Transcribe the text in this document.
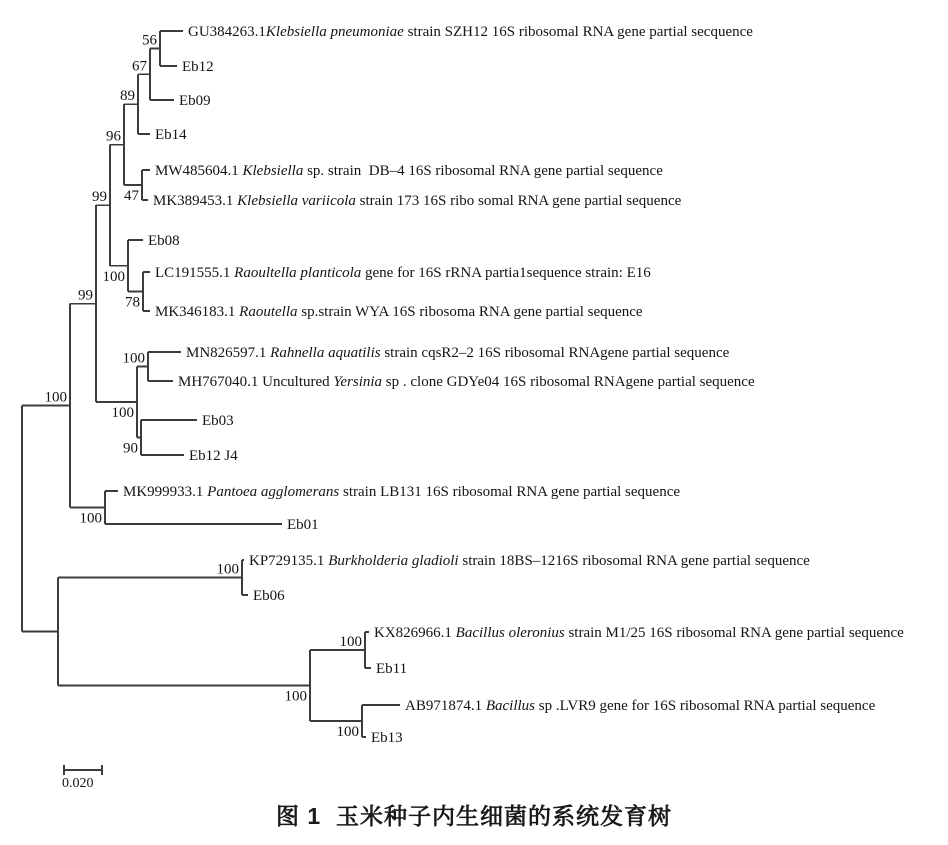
100
99
99
96
89
67
56
GU384263.1Klebsiella pneumoniae strain SZH12 16S ribosomal RNA gene partial secquence
Eb12
Eb09
Eb14
47
MW485604.1 Klebsiella sp. strain  DB–4 16S ribosomal RNA gene partial sequence
MK389453.1 Klebsiella variicola strain 173 16S ribo somal RNA gene partial sequence
100
Eb08
78
LC191555.1 Raoultella planticola gene for 16S rRNA partia1sequence strain: E16
MK346183.1 Raoutella sp.strain WYA 16S ribosoma RNA gene partial sequence
100
100	MN826597.1 Rahnella aquatilis strain cqsR2–2 16S ribosomal RNAgene partial sequence
MH767040.1 Uncultured Yersinia sp . clone GDYe04 16S ribosomal RNAgene partial sequence
90
Eb03
Eb12 J4
100
MK999933.1 Pantoea agglomerans strain LB131 16S ribosomal RNA gene partial sequence
Eb01
100
KP729135.1 Burkholderia gladioli strain 18BS–1216S ribosomal RNA gene partial sequence
Eb06
100
100
KX826966.1 Bacillus oleronius strain M1/25 16S ribosomal RNA gene partial sequence
Eb11
100
AB971874.1 Bacillus sp .LVR9 gene for 16S ribosomal RNA partial sequence
Eb13
0.020
图 1  玉米种子内生细菌的系统发育树
